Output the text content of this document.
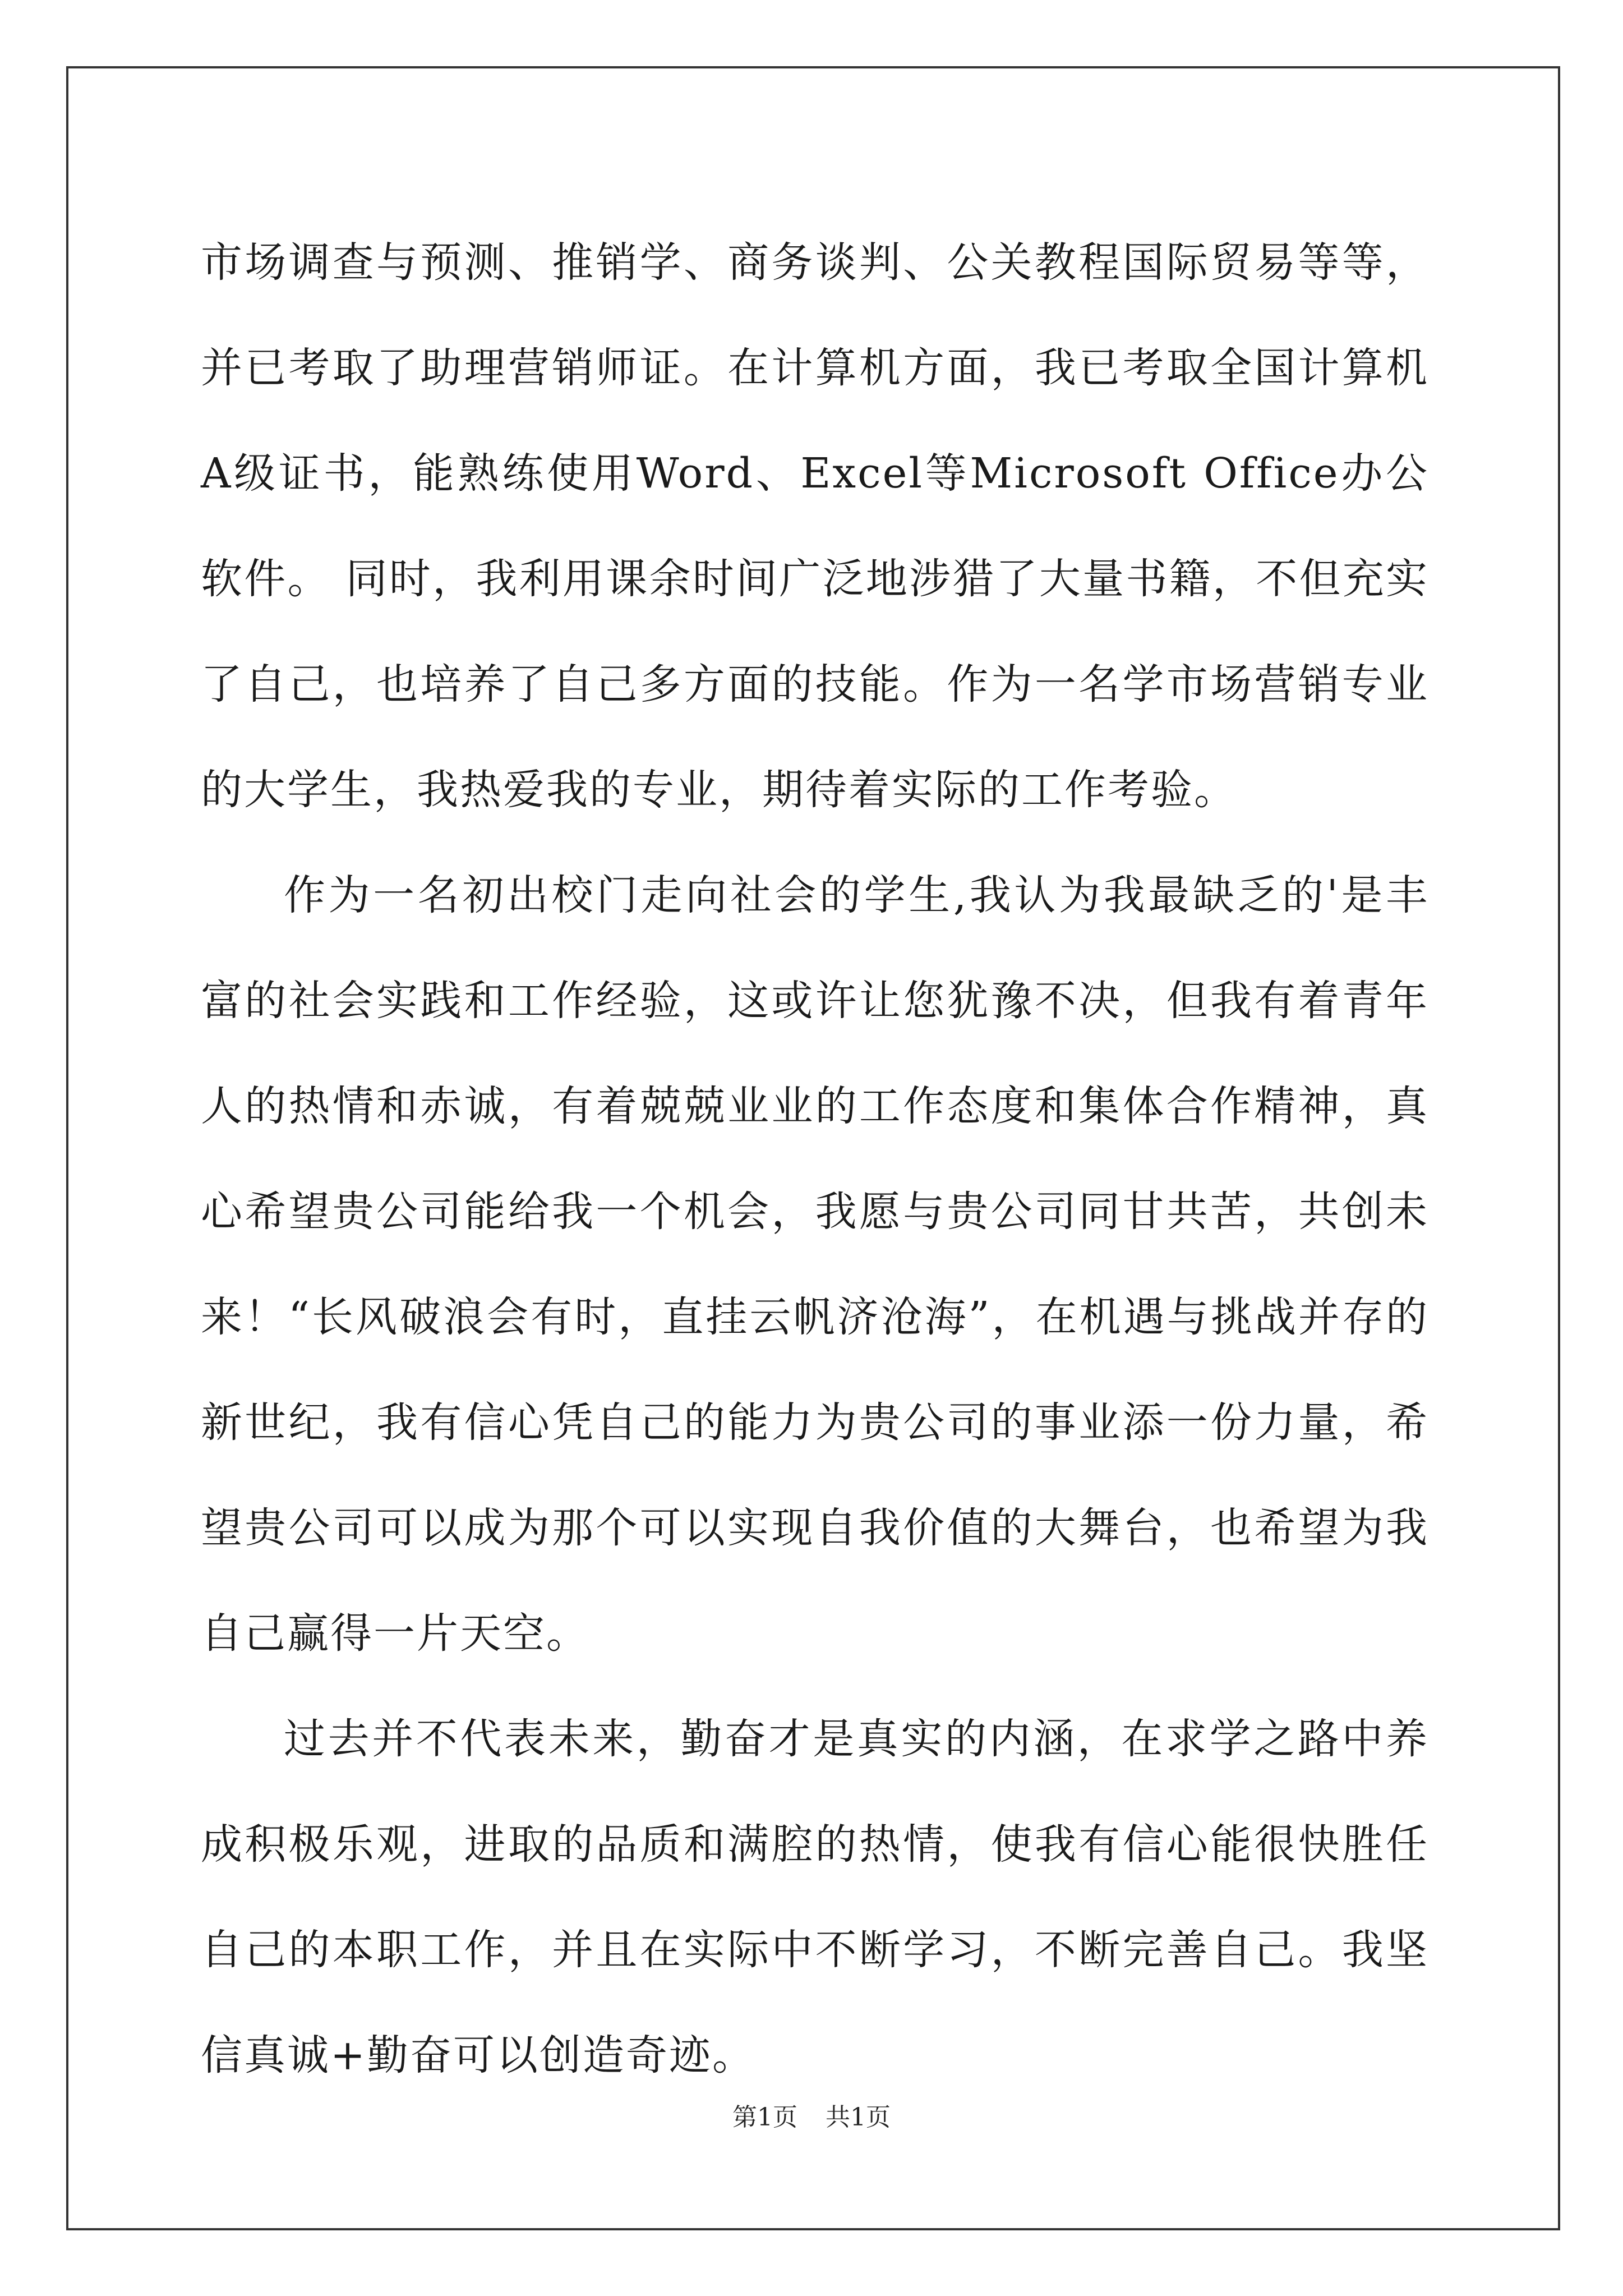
市场调查与预测、推销学、商务谈判、公关教程国际贸易等等，并已考取了助理营销师证。在计算机方面，我已考取全国计算机A级证书，能熟练使用Word、Excel等Microsoft Office办公软件。 同时，我利用课余时间广泛地涉猎了大量书籍，不但充实了自己，也培养了自己多方面的技能。作为一名学市场营销专业的大学生，我热爱我的专业，期待着实际的工作考验。

作为一名初出校门走向社会的学生,我认为我最缺乏的'是丰富的社会实践和工作经验，这或许让您犹豫不决，但我有着青年人的热情和赤诚，有着兢兢业业的工作态度和集体合作精神，真心希望贵公司能给我一个机会，我愿与贵公司同甘共苦，共创未来！“长风破浪会有时，直挂云帆济沧海”，在机遇与挑战并存的新世纪，我有信心凭自己的能力为贵公司的事业添一份力量，希望贵公司可以成为那个可以实现自我价值的大舞台，也希望为我自己赢得一片天空。

过去并不代表未来，勤奋才是真实的内涵，在求学之路中养成积极乐观，进取的品质和满腔的热情，使我有信心能很快胜任自己的本职工作，并且在实际中不断学习，不断完善自己。我坚信真诚+勤奋可以创造奇迹。

第1页 共1页
